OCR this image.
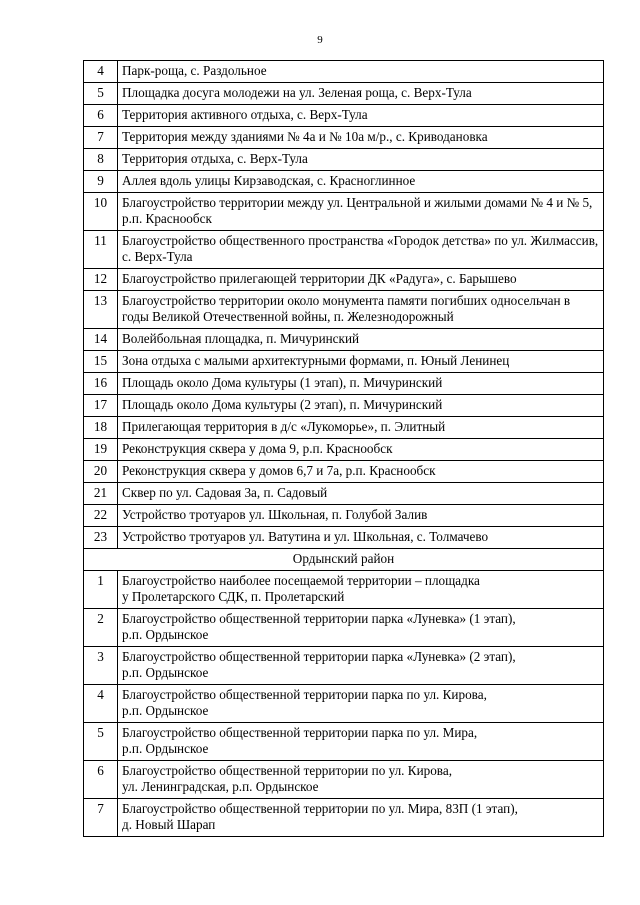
9
4	Парк-роща, с. Раздольное
5	Площадка досуга молодежи на ул. Зеленая роща, с. Верх-Тула
6	Территория активного отдыха, с. Верх-Тула
7	Территория между зданиями № 4а и № 10а м/р., с. Криводановка
8	Территория отдыха, с. Верх-Тула
9	Аллея вдоль улицы Кирзаводская, с. Красноглинное
10	Благоустройство территории между ул. Центральной и жилыми домами № 4 и № 5, р.п. Краснообск
11	Благоустройство общественного пространства «Городок детства» по ул. Жилмассив, с. Верх-Тула
12	Благоустройство прилегающей территории ДК «Радуга», с. Барышево
13	Благоустройство территории около монумента памяти погибших односельчан в годы Великой Отечественной войны, п. Железнодорожный
14	Волейбольная площадка, п. Мичуринский
15	Зона отдыха с малыми архитектурными формами, п. Юный Ленинец
16	Площадь около Дома культуры (1 этап), п. Мичуринский
17	Площадь около Дома культуры (2 этап), п. Мичуринский
18	Прилегающая территория в д/с «Лукоморье», п. Элитный
19	Реконструкция сквера у дома 9, р.п. Краснообск
20	Реконструкция сквера у домов 6,7 и 7а, р.п. Краснообск
21	Сквер по ул. Садовая 3а, п. Садовый
22	Устройство тротуаров ул. Школьная, п. Голубой Залив
23	Устройство тротуаров ул. Ватутина и ул. Школьная, с. Толмачево
Ордынский район	
1	Благоустройство наиболее посещаемой территории – площадка
у Пролетарского СДК, п. Пролетарский

2	Благоустройство общественной территории парка «Луневка» (1 этап),
р.п. Ордынское

3	Благоустройство общественной территории парка «Луневка» (2 этап),
р.п. Ордынское

4	Благоустройство общественной территории парка по ул. Кирова,
р.п. Ордынское

5	Благоустройство общественной территории парка по ул. Мира,
р.п. Ордынское

6	Благоустройство общественной территории по ул. Кирова,
ул. Ленинградская, р.п. Ордынское

7	Благоустройство общественной территории по ул. Мира, 83П (1 этап),
д. Новый Шарап
